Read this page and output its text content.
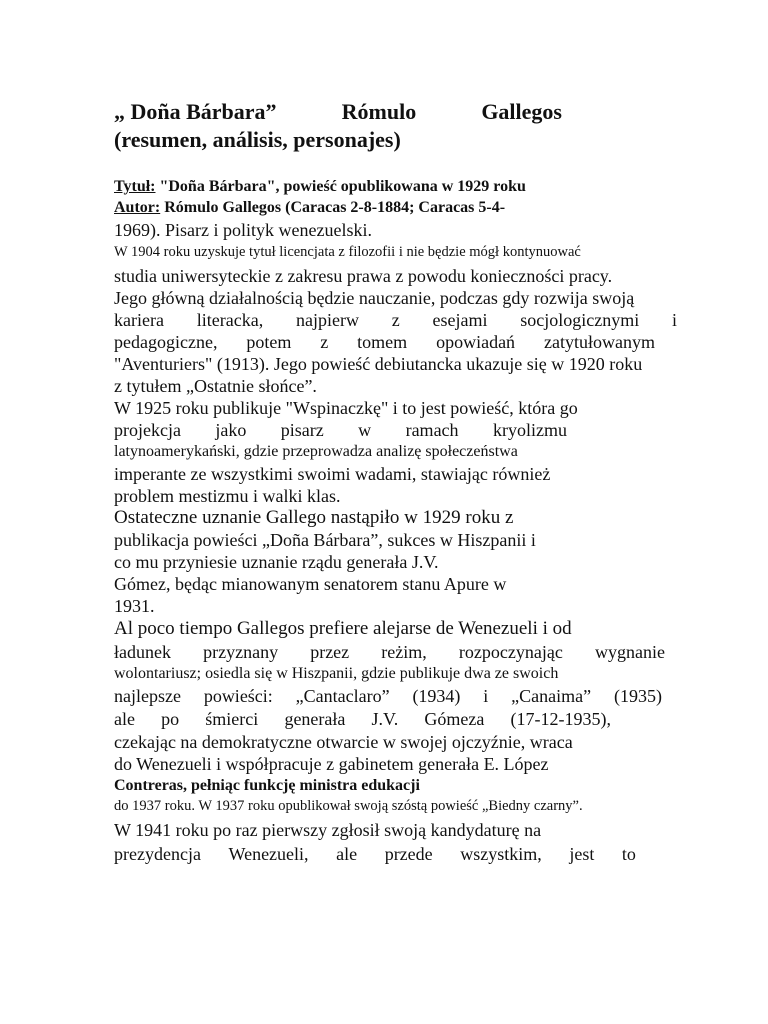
„ Doña Bárbara”	Rómulo	Gallegos
(resumen, análisis, personajes)
Tytuł: "Doña Bárbara", powieść opublikowana w 1929 roku
Autor: Rómulo Gallegos (Caracas 2-8-1884; Caracas 5-4-
1969). Pisarz i polityk wenezuelski.
W 1904 roku uzyskuje tytuł licencjata z filozofii i nie będzie mógł kontynuować
studia uniwersyteckie z zakresu prawa z powodu konieczności pracy.
Jego główną działalnością będzie nauczanie, podczas gdy rozwija swoją
kariera literacka, najpierw z esejami socjologicznymi i
pedagogiczne, potem z tomem opowiadań zatytułowanym
"Aventuriers" (1913). Jego powieść debiutancka ukazuje się w 1920 roku
z tytułem „Ostatnie słońce”.
W 1925 roku publikuje "Wspinaczkę" i to jest powieść, która go
projekcja jako pisarz w ramach kryolizmu
latynoamerykański, gdzie przeprowadza analizę społeczeństwa
imperante ze wszystkimi swoimi wadami, stawiając również
problem mestizmu i walki klas.
Ostateczne uznanie Gallego nastąpiło w 1929 roku z
publikacja powieści „Doña Bárbara”, sukces w Hiszpanii i
co mu przyniesie uznanie rządu generała J.V.
Gómez, będąc mianowanym senatorem stanu Apure w
1931.
Al poco tiempo Gallegos prefiere alejarse de Wenezueli i od
ładunek przyznany przez reżim, rozpoczynając wygnanie
wolontariusz; osiedla się w Hiszpanii, gdzie publikuje dwa ze swoich
najlepsze powieści: „Cantaclaro” (1934) i „Canaima” (1935)
ale po śmierci generała J.V. Gómeza (17-12-1935),
czekając na demokratyczne otwarcie w swojej ojczyźnie, wraca
do Wenezueli i współpracuje z gabinetem generała E. López
Contreras, pełniąc funkcję ministra edukacji
do 1937 roku. W 1937 roku opublikował swoją szóstą powieść „Biedny czarny”.
W 1941 roku po raz pierwszy zgłosił swoją kandydaturę na
prezydencja Wenezueli, ale przede wszystkim, jest to
